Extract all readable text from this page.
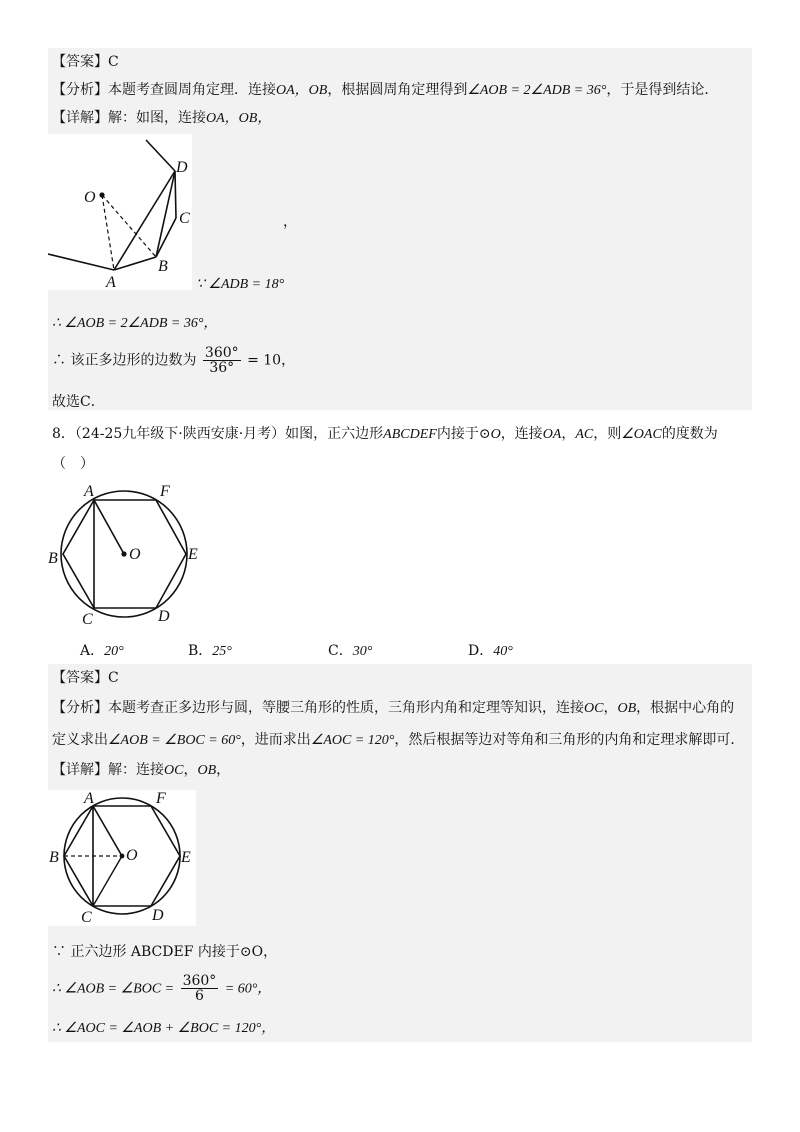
【答案】C
【分析】本题考查圆周角定理．连接OA，OB，根据圆周角定理得到∠AOB = 2∠ADB = 36°，于是得到结论．
【详解】解：如图，连接OA，OB，
O
D
C
B
A
，
∵ ∠ADB = 18°
∴ ∠AOB = 2∠ADB = 36°，
∴ 该正多边形的边数为 $\frac{360^\circ}{36^\circ} = 10$，
故选C．
8．（24-25九年级下·陕西安康·月考）如图，正六边形ABCDEF内接于⊙O，连接OA，AC，则∠OAC的度数为
（　）
A	F
B	O	E
C	D
A．20°	B．25°	C．30°	D．40°
【答案】C
【分析】本题考查正多边形与圆，等腰三角形的性质，三角形内角和定理等知识，连接OC，OB，根据中心角的
定义求出∠AOB = ∠BOC = 60°，进而求出∠AOC = 120°，然后根据等边对等角和三角形的内角和定理求解即可．
【详解】解：连接OC，OB，
A	F
B	O	E
C	D
∵ 正六边形 ABCDEF 内接于⊙O，
∴ ∠AOB = ∠BOC = $\frac{360^\circ}{6} = 60^\circ$，
∴ ∠AOC = ∠AOB + ∠BOC = 120°，
